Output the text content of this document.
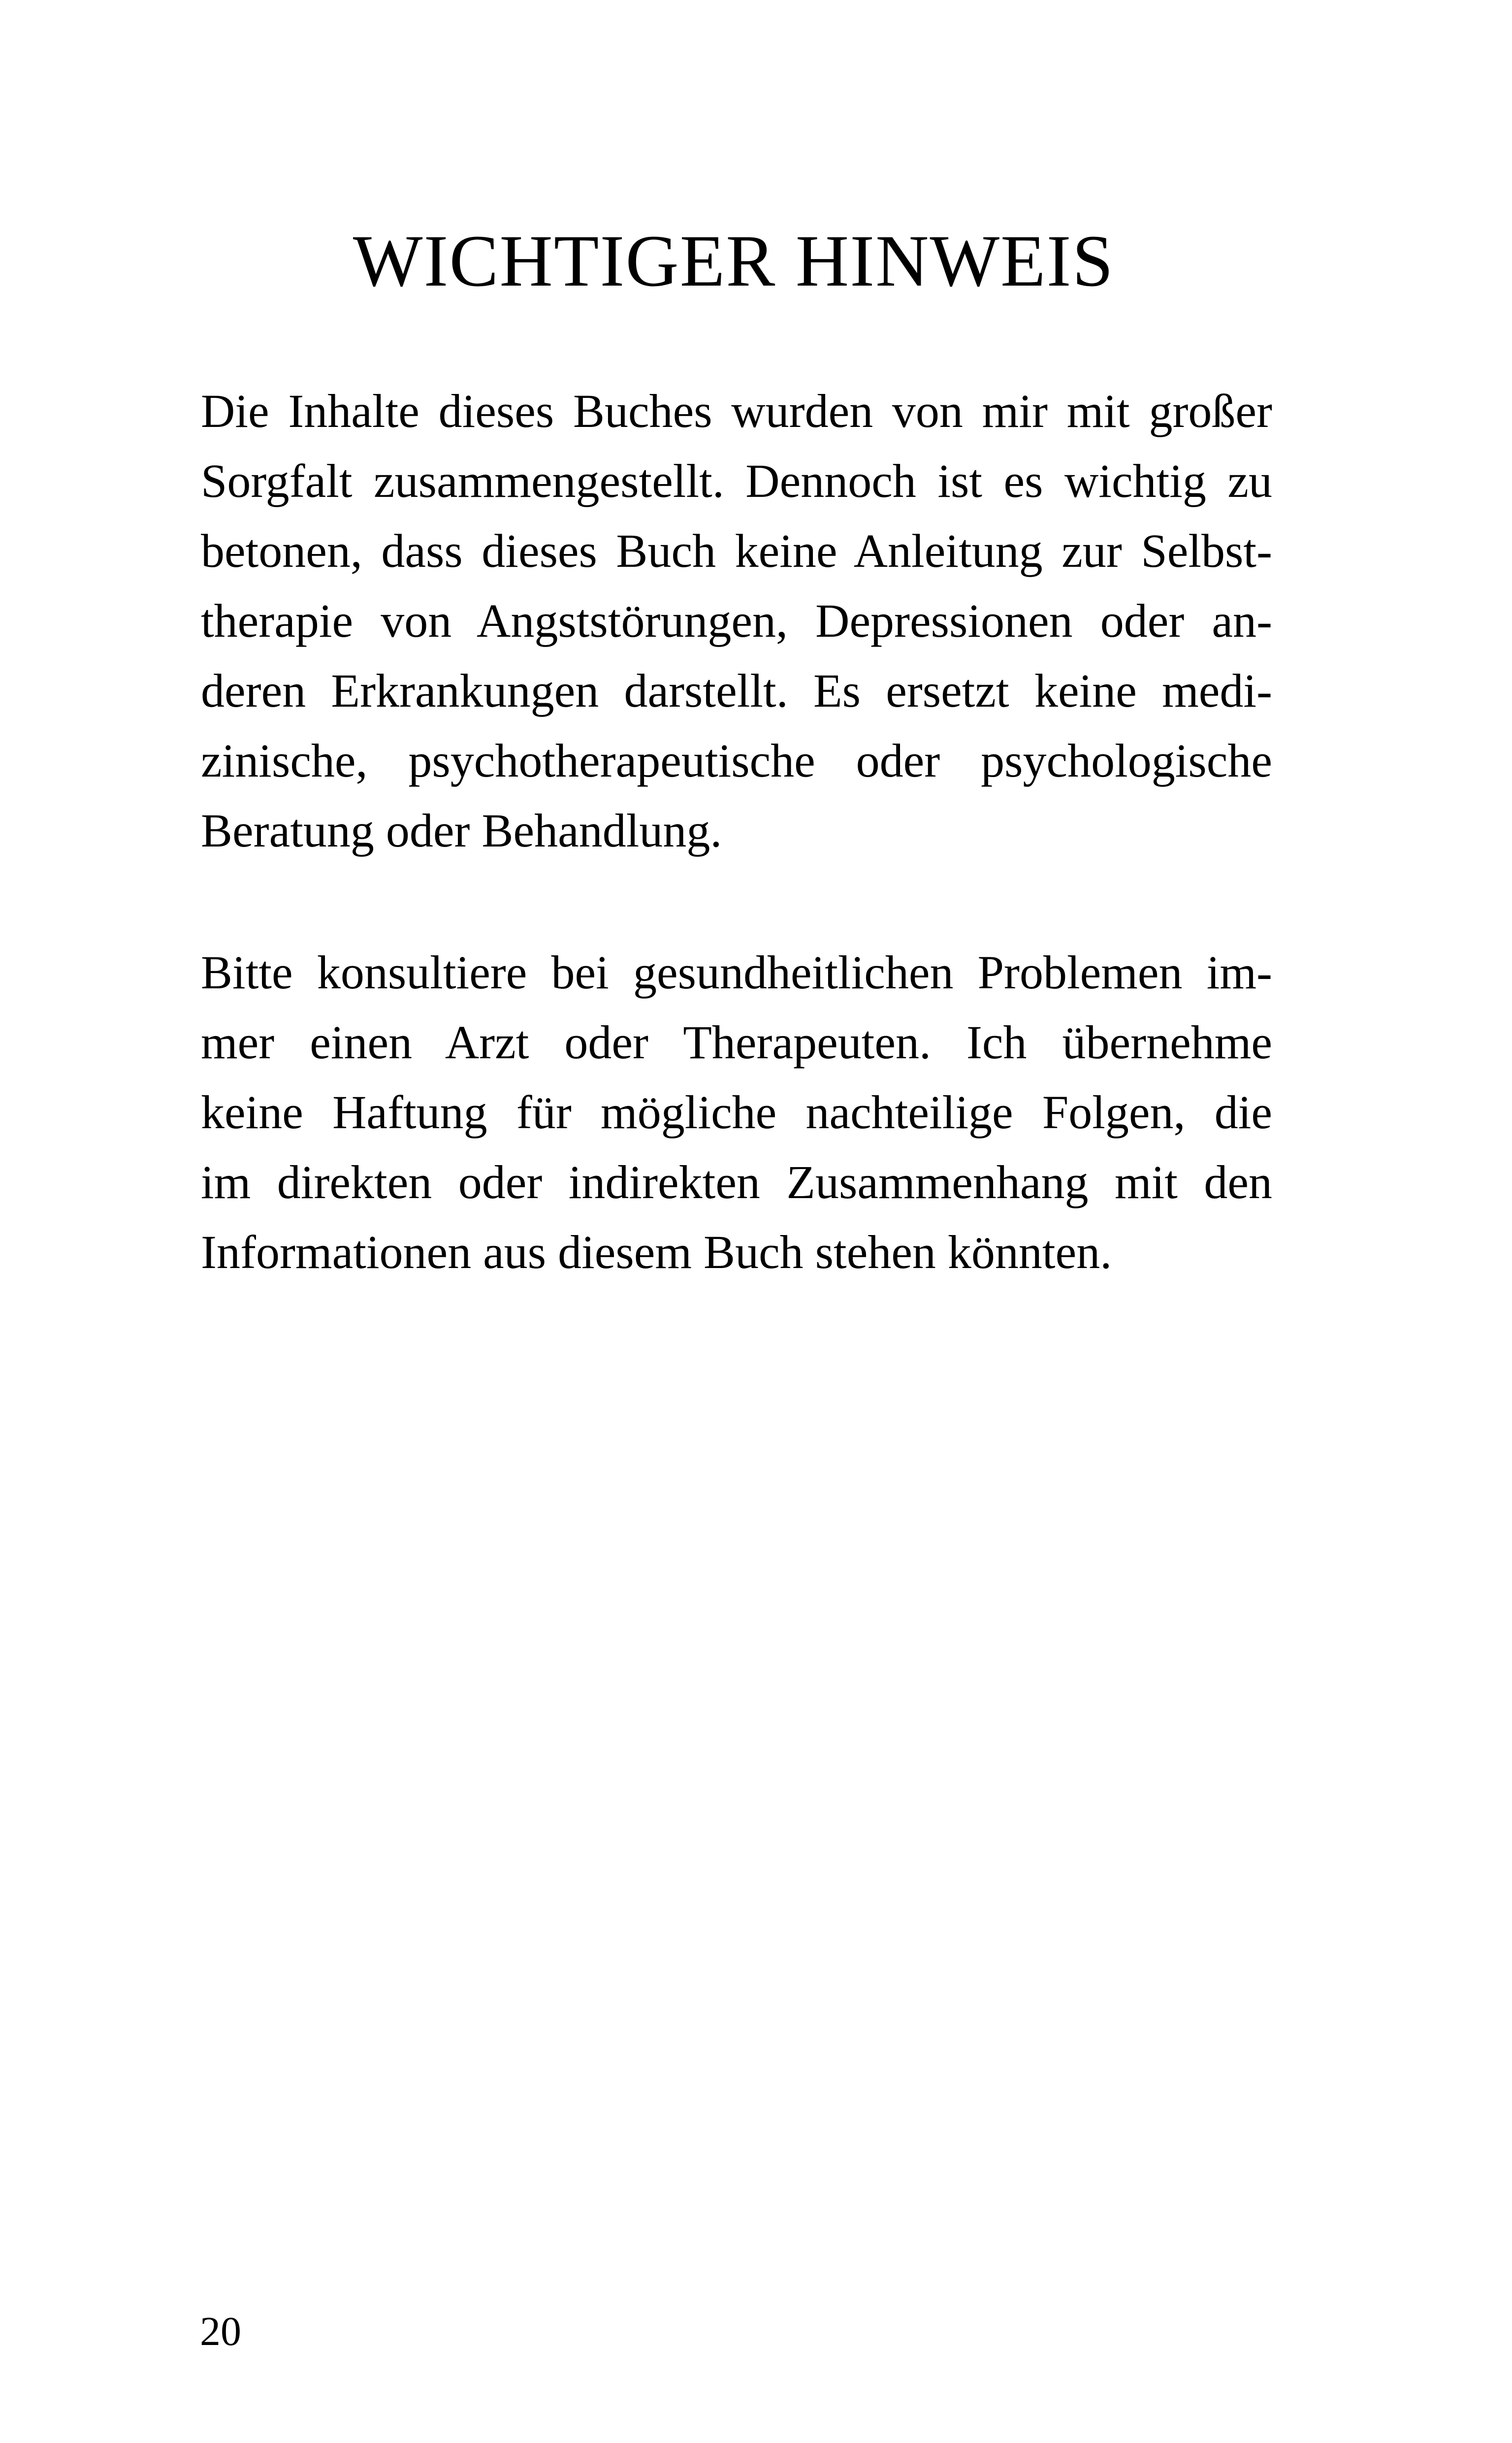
WICHTIGER HINWEIS

Die Inhalte dieses Buches wurden von mir mit großer

Sorgfalt zusammengestellt. Dennoch ist es wichtig zu

betonen, dass dieses Buch keine Anleitung zur Selbst-

therapie von Angststörungen, Depressionen oder an-

deren Erkrankungen darstellt. Es ersetzt keine medi-

zinische, psychotherapeutische oder psychologische

Beratung oder Behandlung.

Bitte konsultiere bei gesundheitlichen Problemen im-

mer einen Arzt oder Therapeuten. Ich übernehme

keine Haftung für mögliche nachteilige Folgen, die

im direkten oder indirekten Zusammenhang mit den

Informationen aus diesem Buch stehen könnten.

20
